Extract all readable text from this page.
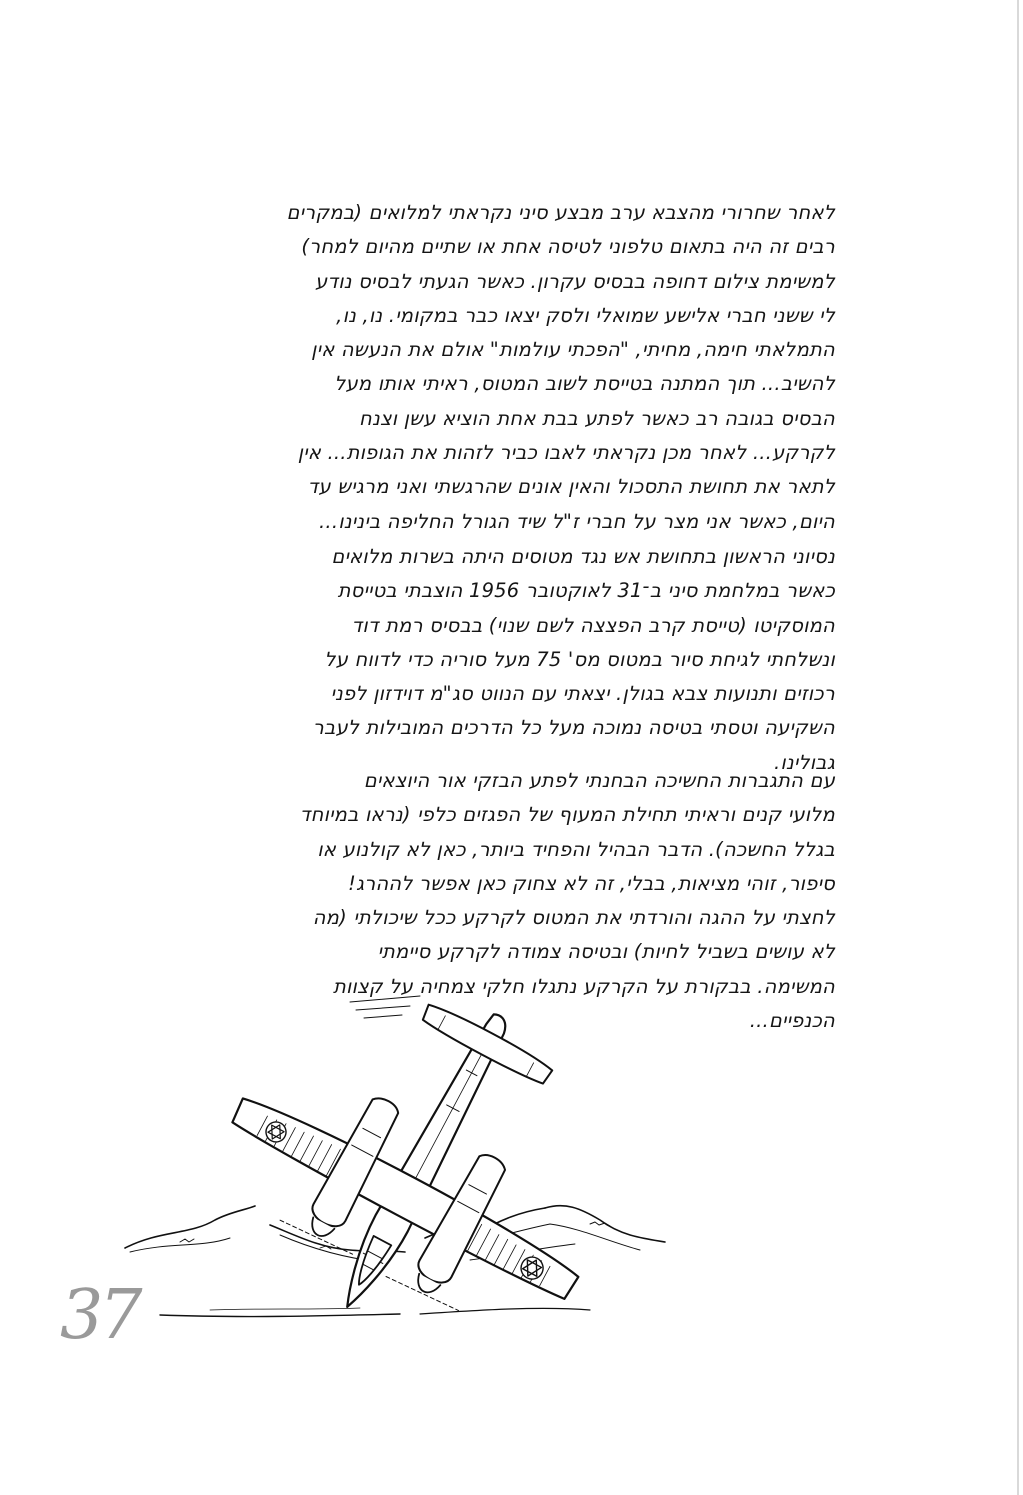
לאחר שחרורי מהצבא ערב מבצע סיני נקראתי למלואים (במקרים
רבים זה היה בתאום טלפוני לטיסה אחת או שתיים מהיום למחר)
למשימת צילום דחופה בבסיס עקרון. כאשר הגעתי לבסיס נודע
לי ששני חברי אלישע שמואלי ולסק יצאו כבר במקומי. נו, נו,
התמלאתי חימה, מחיתי, "הפכתי עולמות" אולם את הנעשה אין
להשיב... תוך המתנה בטייסת לשוב המטוס, ראיתי אותו מעל
הבסיס בגובה רב כאשר לפתע בבת אחת הוציא עשן וצנח
לקרקע... לאחר מכן נקראתי לאבו כביר לזהות את הגופות... אין
לתאר את תחושת התסכול והאין אונים שהרגשתי ואני מרגיש עד
היום, כאשר אני מצר על חברי ז"ל שיד הגורל החליפה בינינו...
נסיוני הראשון בתחושת אש נגד מטוסים היתה בשרות מלואים
כאשר במלחמת סיני ב־31 לאוקטובר 1956 הוצבתי בטייסת
המוסקיטו (טייסת קרב הפצצה לשם שנוי) בבסיס רמת דוד
ונשלחתי לגיחת סיור במטוס מס' 75 מעל סוריה כדי לדווח על
רכוזים ותנועות צבא בגולן. יצאתי עם הנווט סג"מ דוידזון לפני
השקיעה וטסתי בטיסה נמוכה מעל כל הדרכים המובילות לעבר
גבולינו.
עם התגברות החשיכה הבחנתי לפתע הבזקי אור היוצאים
מלועי קנים וראיתי תחילת המעוף של הפגזים כלפי (נראו במיוחד
בגלל החשכה). הדבר הבהיל והפחיד ביותר, כאן לא קולנוע או
סיפור, זוהי מציאות, בבלי, זה לא צחוק כאן אפשר לההרג!
לחצתי על ההגה והורדתי את המטוס לקרקע ככל שיכולתי (מה
לא עושים בשביל לחיות) ובטיסה צמודה לקרקע סיימתי
המשימה. בבקורת על הקרקע נתגלו חלקי צמחיה על קצוות
הכנפיים...
37
